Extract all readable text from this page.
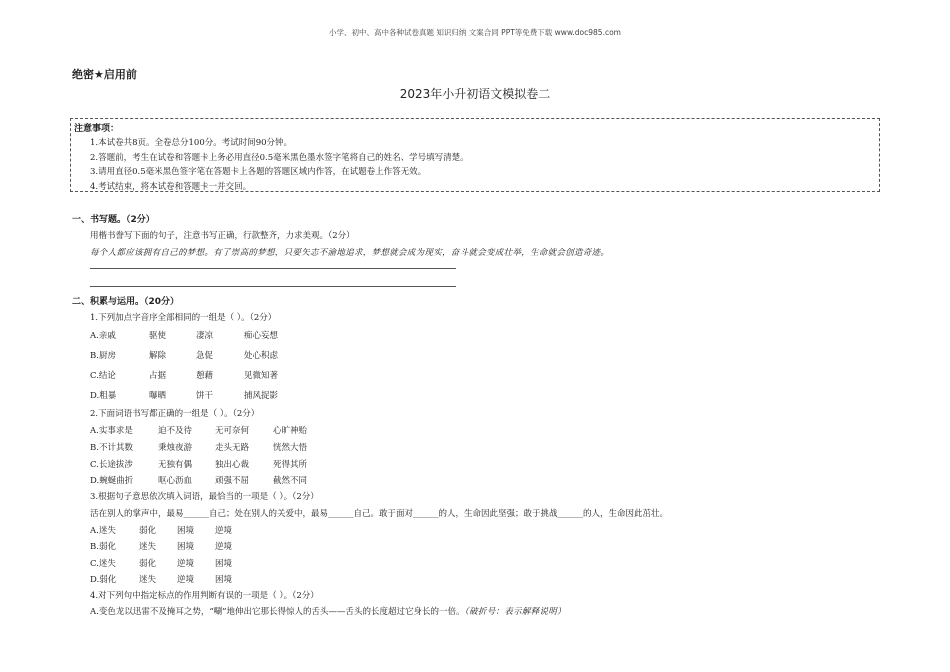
小学、初中、高中各种试卷真题 知识归纳 文案合同 PPT等免费下载 www.doc985.com
绝密★启用前
2023年小升初语文模拟卷二
注意事项：
1.本试卷共8页。全卷总分100分。考试时间90分钟。
2.答题前，考生在试卷和答题卡上务必用直径0.5毫米黑色墨水签字笔将自己的姓名、学号填写清楚。
3.请用直径0.5毫米黑色签字笔在答题卡上各题的答题区域内作答，在试题卷上作答无效。
4.考试结束，将本试卷和答题卡一并交回。
一、书写题。（2分）
用楷书誊写下面的句子，注意书写正确，行款整齐，力求美观。（2分）
每个人都应该拥有自己的梦想。有了崇高的梦想，只要矢志不渝地追求，梦想就会成为现实，奋斗就会变成壮举，生命就会创造奇迹。
二、积累与运用。（20分）
1.下列加点字音序全部相同的一组是（ ）。（2分）
A.亲戚	驱使	凄凉	痴心妄想
B.厨房	解除	急促	处心积虑
C.结论	占据	憩藉	见微知著
D.粗暴	曝晒	饼干	捕风捉影
2.下面词语书写都正确的一组是（ ）。（2分）
A.实事求是	迫不及待	无可奈何	心旷神贻
B.不计其数	秉烛夜游	走头无路	恍然大悟
C.长途拔涉	无独有偶	独出心裁	死得其所
D.蜿蜒曲折	呕心沥血	顽强不屈	截然不同
3.根据句子意思依次填入词语，最恰当的一项是（ ）。（2分）
活在别人的掌声中，最易______自己；处在别人的关爱中，最易______自己。敢于面对______的人，生命因此坚强；敢于挑战______的人，生命因此茁壮。
A.迷失	弱化 困境 逆境
B.弱化	迷失 困境 逆境
C.迷失	弱化 逆境 困境
D.弱化	迷失 逆境 困境
4.对下列句中指定标点的作用判断有误的一项是（ ）。（2分）
A.变色龙以迅雷不及掩耳之势，“唰”地伸出它那长得惊人的舌头——舌头的长度超过它身长的一倍。（破折号：表示解释说明）
